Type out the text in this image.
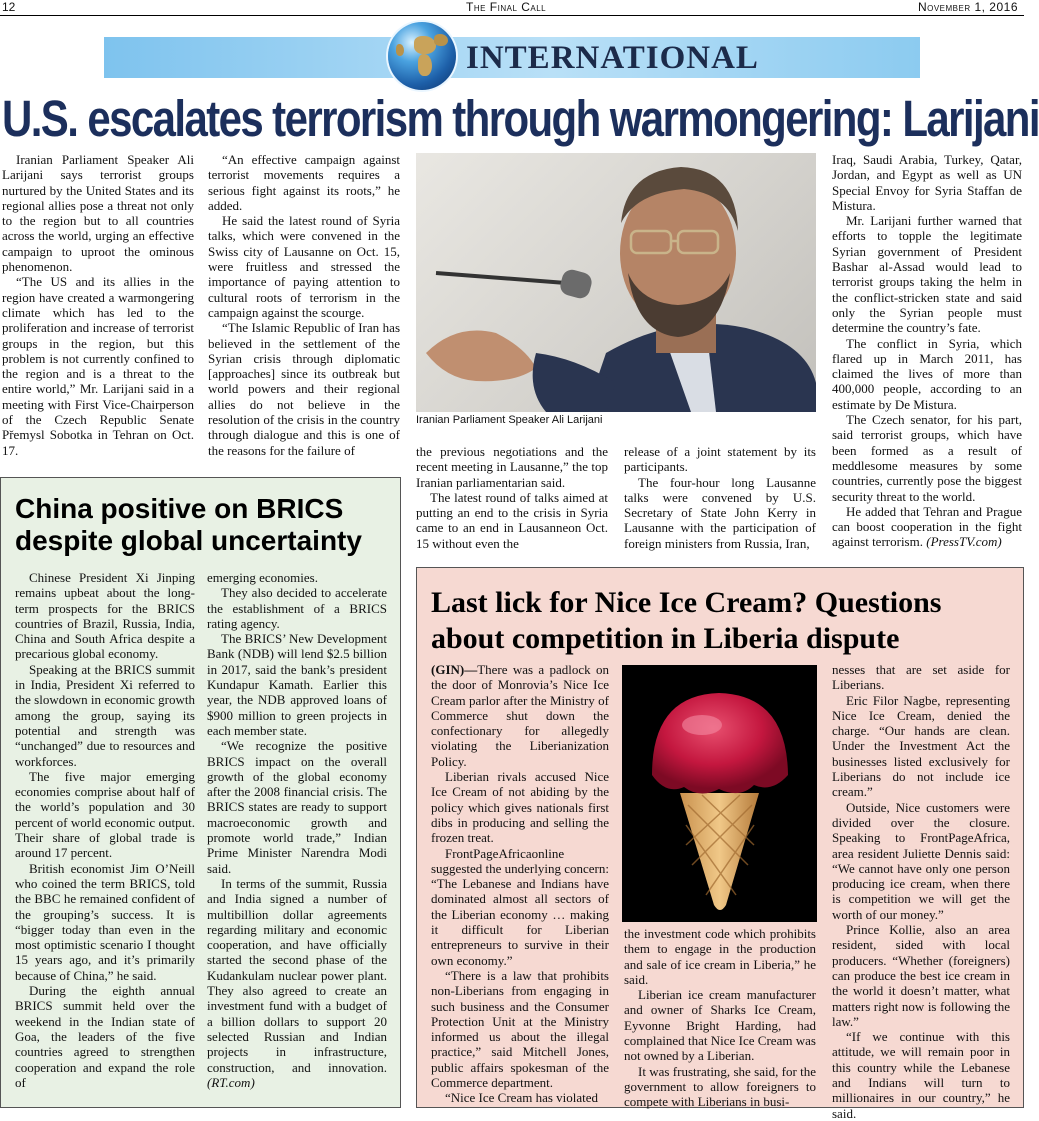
12	The Final Call	November 1, 2016
INTERNATIONAL
U.S. escalates terrorism through warmongering: Larijani

Iranian Parliament Speaker Ali Larijani says terrorist groups nurtured by the United States and its regional allies pose a threat not only to the region but to all countries across the world, urging an effective campaign to uproot the ominous phenomenon.

“The US and its allies in the region have created a warmongering climate which has led to the proliferation and increase of terrorist groups in the region, but this problem is not currently confined to the region and is a threat to the entire world,” Mr. Larijani said in a meeting with First Vice-Chairperson of the Czech Republic Senate Přemysl Sobotka in Tehran on Oct. 17.

“An effective campaign against terrorist movements requires a serious fight against its roots,” he added.

He said the latest round of Syria talks, which were convened in the Swiss city of Lausanne on Oct. 15, were fruitless and stressed the importance of paying attention to cultural roots of terrorism in the campaign against the scourge.

“The Islamic Republic of Iran has believed in the settlement of the Syrian crisis through diplomatic [approaches] since its outbreak but world powers and their regional allies do not believe in the resolution of the crisis in the country through dialogue and this is one of the reasons for the failure of

Iranian Parliament Speaker Ali Larijani

the previous negotiations and the recent meeting in Lausanne,” the top Iranian parliamentarian said.

The latest round of talks aimed at putting an end to the crisis in Syria came to an end in Lausanneon Oct. 15 without even the

release of a joint statement by its participants.

The four-hour long Lausanne talks were convened by U.S. Secretary of State John Kerry in Lausanne with the participation of foreign ministers from Russia, Iran,

Iraq, Saudi Arabia, Turkey, Qatar, Jordan, and Egypt as well as UN Special Envoy for Syria Staffan de Mistura.

Mr. Larijani further warned that efforts to topple the legitimate Syrian government of President Bashar al-Assad would lead to terrorist groups taking the helm in the conflict-stricken state and said only the Syrian people must determine the country’s fate.

The conflict in Syria, which flared up in March 2011, has claimed the lives of more than 400,000 people, according to an estimate by De Mistura.

The Czech senator, for his part, said terrorist groups, which have been formed as a result of meddlesome measures by some countries, currently pose the biggest security threat to the world.

He added that Tehran and Prague can boost cooperation in the fight against terrorism. (PressTV.com)

China positive on BRICS despite global uncertainty

Chinese President Xi Jinping remains upbeat about the long-term prospects for the BRICS countries of Brazil, Russia, India, China and South Africa despite a precarious global economy.

Speaking at the BRICS summit in India, President Xi referred to the slowdown in economic growth among the group, saying its potential and strength was “unchanged” due to resources and workforces.

The five major emerging economies comprise about half of the world’s population and 30 percent of world economic output. Their share of global trade is around 17 percent.

British economist Jim O’Neill who coined the term BRICS, told the BBC he remained confident of the grouping’s success. It is “bigger today than even in the most optimistic scenario I thought 15 years ago, and it’s primarily because of China,” he said.

During the eighth annual BRICS summit held over the weekend in the Indian state of Goa, the leaders of the five countries agreed to strengthen cooperation and expand the role of

emerging economies.

They also decided to accelerate the establishment of a BRICS rating agency.

The BRICS’ New Development Bank (NDB) will lend $2.5 billion in 2017, said the bank’s president Kundapur Kamath. Earlier this year, the NDB approved loans of $900 million to green projects in each member state.

“We recognize the positive BRICS impact on the overall growth of the global economy after the 2008 financial crisis. The BRICS states are ready to support macroeconomic growth and promote world trade,” Indian Prime Minister Narendra Modi said.

In terms of the summit, Russia and India signed a number of multibillion dollar agreements regarding military and economic cooperation, and have officially started the second phase of the Kudankulam nuclear power plant. They also agreed to create an investment fund with a budget of a billion dollars to support 20 selected Russian and Indian projects in infrastructure, construction, and innovation. (RT.com)

Last lick for Nice Ice Cream? Questions about competition in Liberia dispute

(GIN)—There was a padlock on the door of Monrovia’s Nice Ice Cream parlor after the Ministry of Commerce shut down the confectionary for allegedly violating the Liberianization Policy.

Liberian rivals accused Nice Ice Cream of not abiding by the policy which gives nationals first dibs in producing and selling the frozen treat.

FrontPageAfricaonline suggested the underlying concern: “The Lebanese and Indians have dominated almost all sectors of the Liberian economy … making it difficult for Liberian entrepreneurs to survive in their own economy.”

“There is a law that prohibits non-Liberians from engaging in such business and the Consumer Protection Unit at the Ministry informed us about the illegal practice,” said Mitchell Jones, public affairs spokesman of the Commerce department.

“Nice Ice Cream has violated

the investment code which prohibits them to engage in the production and sale of ice cream in Liberia,” he said.

Liberian ice cream manufacturer and owner of Sharks Ice Cream, Eyvonne Bright Harding, had complained that Nice Ice Cream was not owned by a Liberian.

It was frustrating, she said, for the government to allow foreigners to compete with Liberians in busi-

nesses that are set aside for Liberians.

Eric Filor Nagbe, representing Nice Ice Cream, denied the charge. “Our hands are clean. Under the Investment Act the businesses listed exclusively for Liberians do not include ice cream.”

Outside, Nice customers were divided over the closure. Speaking to FrontPageAfrica, area resident Juliette Dennis said: “We cannot have only one person producing ice cream, when there is competition we will get the worth of our money.”

Prince Kollie, also an area resident, sided with local producers. “Whether (foreigners) can produce the best ice cream in the world it doesn’t matter, what matters right now is following the law.”

“If we continue with this attitude, we will remain poor in this country while the Lebanese and Indians will turn to millionaires in our country,” he said.
